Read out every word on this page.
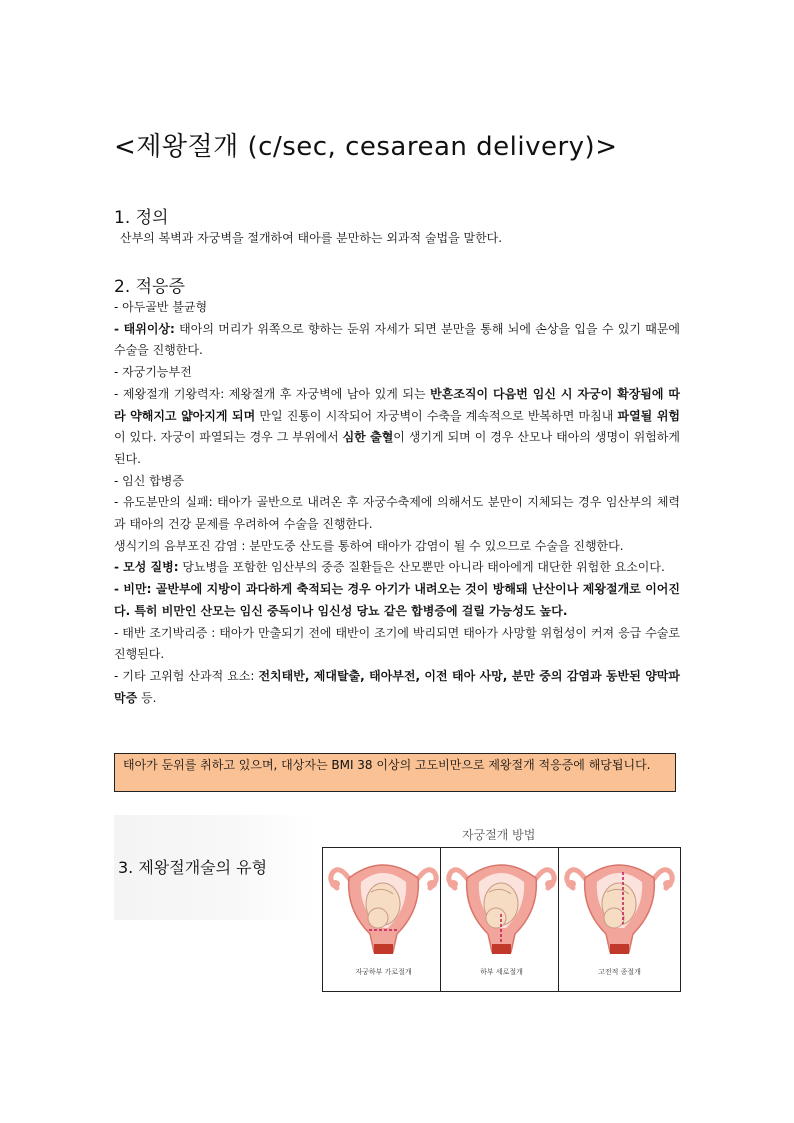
<제왕절개 (c/sec, cesarean delivery)>
1. 정의

산부의 복벽과 자궁벽을 절개하여 태아를 분만하는 외과적 술법을 말한다.

2. 적응증

- 아두골반 불균형

- 태위이상: 태아의 머리가 위쪽으로 향하는 둔위 자세가 되면 분만을 통해 뇌에 손상을 입을 수 있기 때문에 수술을 진행한다.

- 자궁기능부전

- 제왕절개 기왕력자: 제왕절개 후 자궁벽에 남아 있게 되는 반흔조직이 다음번 임신 시 자궁이 확장됨에 따라 약해지고 얇아지게 되며 만일 진통이 시작되어 자궁벽이 수축을 계속적으로 반복하면 마침내 파열될 위험이 있다. 자궁이 파열되는 경우 그 부위에서 심한 출혈이 생기게 되며 이 경우 산모나 태아의 생명이 위험하게 된다.

- 임신 합병증

- 유도분만의 실패: 태아가 골반으로 내려온 후 자궁수축제에 의해서도 분만이 지체되는 경우 임산부의 체력과 태아의 건강 문제를 우려하여 수술을 진행한다.

생식기의 음부포진 감염 : 분만도중 산도를 통하여 태아가 감염이 될 수 있으므로 수술을 진행한다.

- 모성 질병: 당뇨병을 포함한 임산부의 중증 질환들은 산모뿐만 아니라 태아에게 대단한 위험한 요소이다.

- 비만: 골반부에 지방이 과다하게 축적되는 경우 아기가 내려오는 것이 방해돼 난산이나 제왕절개로 이어진다. 특히 비만인 산모는 임신 중독이나 임신성 당뇨 같은 합병증에 걸릴 가능성도 높다.

- 태반 조기박리증 : 태아가 만출되기 전에 태반이 조기에 박리되면 태아가 사망할 위험성이 커져 응급 수술로 진행된다.

- 기타 고위험 산과적 요소: 전치태반, 제대탈출, 태아부전, 이전 태아 사망, 분만 중의 감염과 동반된 양막파막증 등.

태아가 둔위를 취하고 있으며, 대상자는 BMI 38 이상의 고도비만으로 제왕절개 적응증에 해당됩니다.
3. 제왕절개술의 유형
자궁절개 방법
자궁하부 가로절개	하부 세로절개	고전적 종절개
